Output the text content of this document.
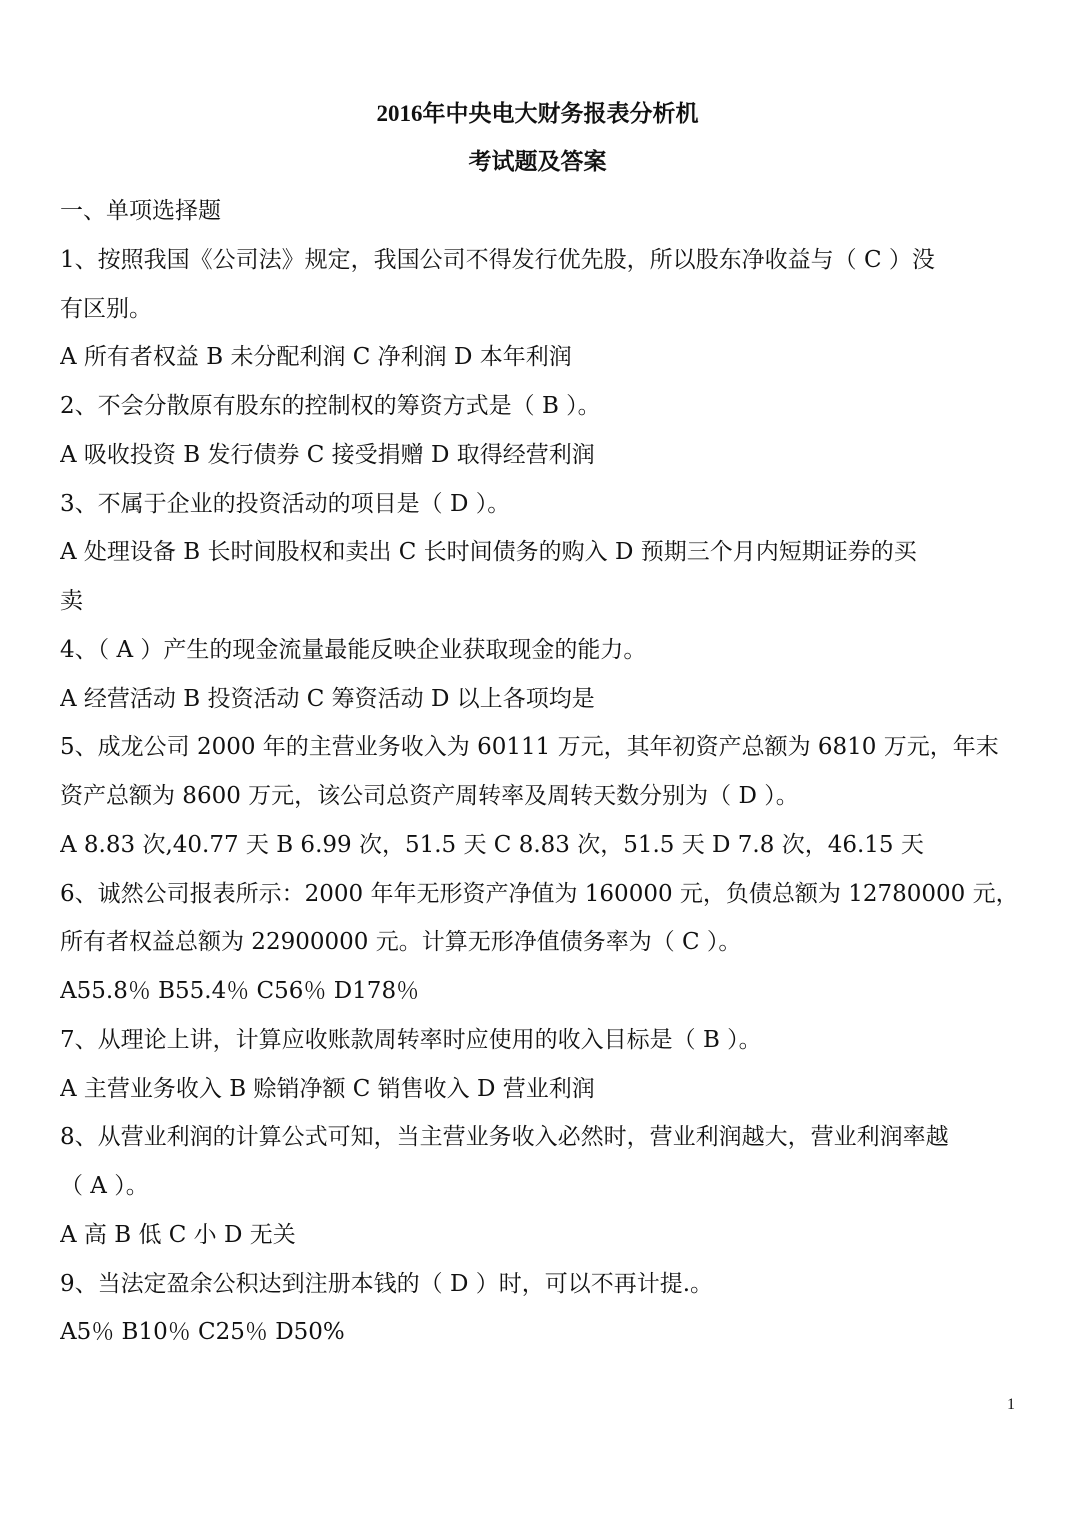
2016年中央电大财务报表分析机
考试题及答案
一、单项选择题
1、按照我国《公司法》规定，我国公司不得发行优先股，所以股东净收益与（ C ）没
有区别。
A 所有者权益 B 未分配利润 C 净利润 D 本年利润
2、不会分散原有股东的控制权的筹资方式是（ B ）。
A 吸收投资 B 发行债券 C 接受捐赠 D 取得经营利润
3、不属于企业的投资活动的项目是（ D ）。
A 处理设备 B 长时间股权和卖出 C 长时间债务的购入 D 预期三个月内短期证券的买
卖
4、（ A ）产生的现金流量最能反映企业获取现金的能力。
A 经营活动 B 投资活动 C 筹资活动 D 以上各项均是
5、成龙公司 2000 年的主营业务收入为 60111 万元，其年初资产总额为 6810 万元，年末
资产总额为 8600 万元，该公司总资产周转率及周转天数分别为（ D ）。
A 8.83 次,40.77 天 B 6.99 次，51.5 天 C 8.83 次，51.5 天 D 7.8 次，46.15 天
6、诚然公司报表所示：2000 年年无形资产净值为 160000 元，负债总额为 12780000 元，
所有者权益总额为 22900000 元。计算无形净值债务率为（ C ）。
A55.8％ B55.4％ C56％ D178％
7、从理论上讲，计算应收账款周转率时应使用的收入目标是（ B ）。
A 主营业务收入 B 赊销净额 C 销售收入 D 营业利润
8、从营业利润的计算公式可知，当主营业务收入必然时，营业利润越大，营业利润率越
（ A ）。
A 高 B 低 C 小 D 无关
9、当法定盈余公积达到注册本钱的（ D ）时，可以不再计提.。
A5％ B10％ C25％ D50%
1
